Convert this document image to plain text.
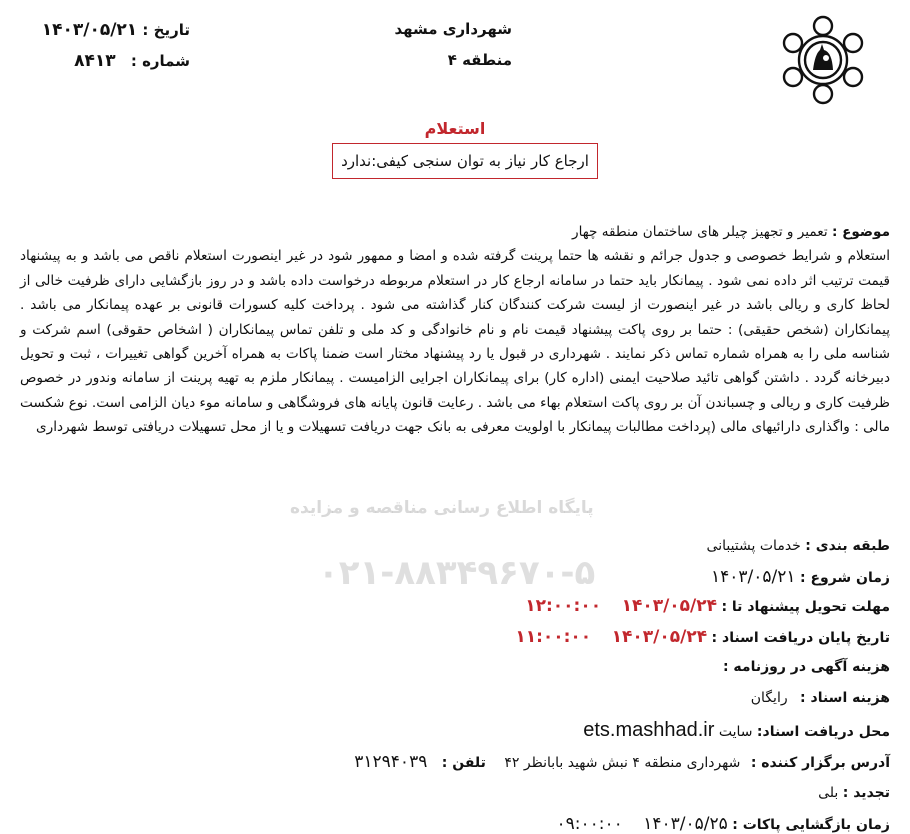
تاریخ : ۱۴۰۳/۰۵/۲۱
شماره : ۸۴۱۳
شهرداری مشهد
منطقه ۴
استعلام
ارجاع کار نیاز به توان سنجی کیفی:ندارد
پایگاه اطلاع رسانی مناقصه و مزایده
۰۲۱-۸۸۳۴۹۶۷۰-۵

موضوع : تعمیر و تجهیز چیلر های ساختمان منطقه چهار

استعلام و شرایط خصوصی و جدول جرائم و نقشه ها حتما پرینت گرفته شده و امضا و ممهور شود در غیر اینصورت استعلام ناقص می باشد و به پیشنهاد قیمت ترتیب اثر داده نمی شود . پیمانکار باید حتما در سامانه ارجاع کار در استعلام مربوطه درخواست داده باشد و در روز بازگشایی دارای ظرفیت خالی از لحاظ کاری و ریالی باشد در غیر اینصورت از لیست شرکت کنندگان کنار گذاشته می شود . پرداخت کلیه کسورات قانونی بر عهده پیمانکار می باشد . پیمانکاران (شخص حقیقی) : حتما بر روی پاکت پیشنهاد قیمت نام و نام خانوادگی و کد ملی و تلفن تماس پیمانکاران ( اشخاص حقوقی) اسم شرکت و شناسه ملی را به همراه شماره تماس ذکر نمایند . شهرداری در قبول یا رد پیشنهاد مختار است ضمنا پاکات به همراه آخرین گواهی تغییرات ، ثبت و تحویل دبیرخانه گردد . داشتن گواهی تائید صلاحیت ایمنی (اداره کار) برای پیمانکاران اجرایی الزامیست . پیمانکار ملزم به تهیه پرینت از سامانه وندور در خصوص ظرفیت کاری و ریالی و چسباندن آن بر روی پاکت استعلام بهاء می باشد . رعایت قانون پایانه های فروشگاهی و سامانه موء دیان الزامی است. نوع شکست مالی : واگذاری دارائیهای مالی (پرداخت مطالبات پیمانکار با اولویت معرفی به بانک جهت دریافت تسهیلات و یا از محل تسهیلات دریافتی توسط شهرداری

طبقه بندی : خدمات پشتیبانی
زمان شروع : ۱۴۰۳/۰۵/۲۱
مهلت تحویل پیشنهاد تا : ۱۴۰۳/۰۵/۲۴ ۱۲:۰۰:۰۰
تاریخ پایان دریافت اسناد : ۱۴۰۳/۰۵/۲۴ ۱۱:۰۰:۰۰
هزینه آگهی در روزنامه :
هزینه اسناد : رایگان
محل دریافت اسناد: سایت ets.mashhad.ir
آدرس برگزار کننده : شهرداری منطقه ۴ نبش شهید بابانظر ۴۲ تلفن : ۳۱۲۹۴۰۳۹
تجدید : بلی
زمان بازگشایی پاکات : ۱۴۰۳/۰۵/۲۵ ۰۹:۰۰:۰۰
